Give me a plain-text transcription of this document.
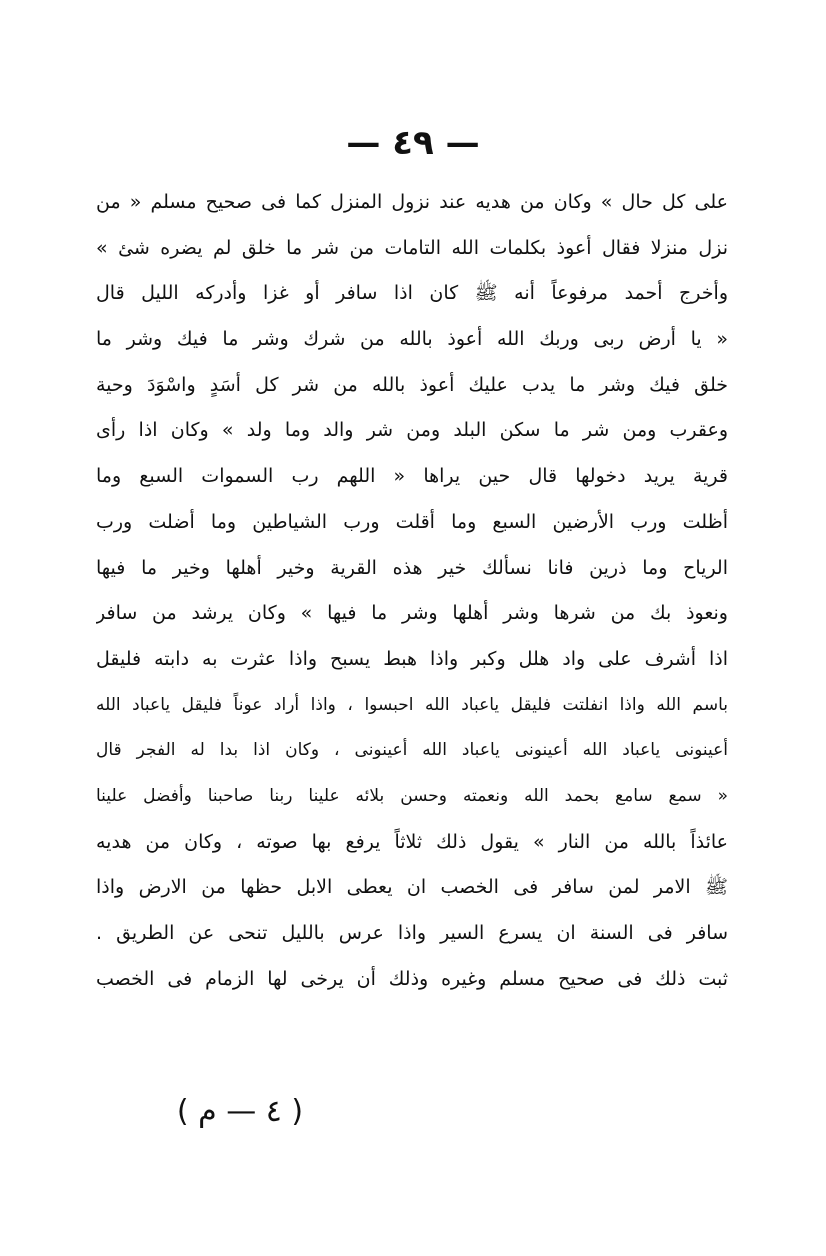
— ٤٩ —
على كل حال » وكان من هديه عند نزول المنزل كما فى صحيح مسلم « من
نزل منزلا فقال أعوذ بكلمات الله التامات من شر ما خلق لم يضره شئ »
وأخرج أحمد مرفوعاً أنه ﷺ كان اذا سافر أو غزا وأدركه الليل قال
« يا أرض ربى وربك الله أعوذ بالله من شرك وشر ما فيك وشر ما
خلق فيك وشر ما يدب عليك أعوذ بالله من شر كل أسَدٍ واسْوَدَ وحية
وعقرب ومن شر ما سكن البلد ومن شر والد وما ولد » وكان اذا رأى
قرية يريد دخولها قال حين يراها « اللهم رب السموات السبع وما
أظلت ورب الأرضين السبع وما أقلت ورب الشياطين وما أضلت ورب
الرياح وما ذرين فانا نسألك خير هذه القرية وخير أهلها وخير ما فيها
ونعوذ بك من شرها وشر أهلها وشر ما فيها » وكان يرشد من سافر
اذا أشرف على واد هلل وكبر واذا هبط يسبح واذا عثرت به دابته فليقل
باسم الله واذا انفلتت فليقل ياعباد الله احبسوا ، واذا أراد عوناً فليقل ياعباد الله
أعينونى ياعباد الله أعينونى ياعباد الله أعينونى ، وكان اذا بدا له الفجر قال
« سمع سامع بحمد الله ونعمته وحسن بلائه علينا ربنا صاحبنا وأفضل علينا
عائذاً بالله من النار » يقول ذلك ثلاثاً يرفع بها صوته ، وكان من هديه
ﷺ الامر لمن سافر فى الخصب ان يعطى الابل حظها من الارض واذا
سافر فى السنة ان يسرع السير واذا عرس بالليل تنحى عن الطريق .
ثبت ذلك فى صحيح مسلم وغيره وذلك أن يرخى لها الزمام فى الخصب
( ٤ — م )
